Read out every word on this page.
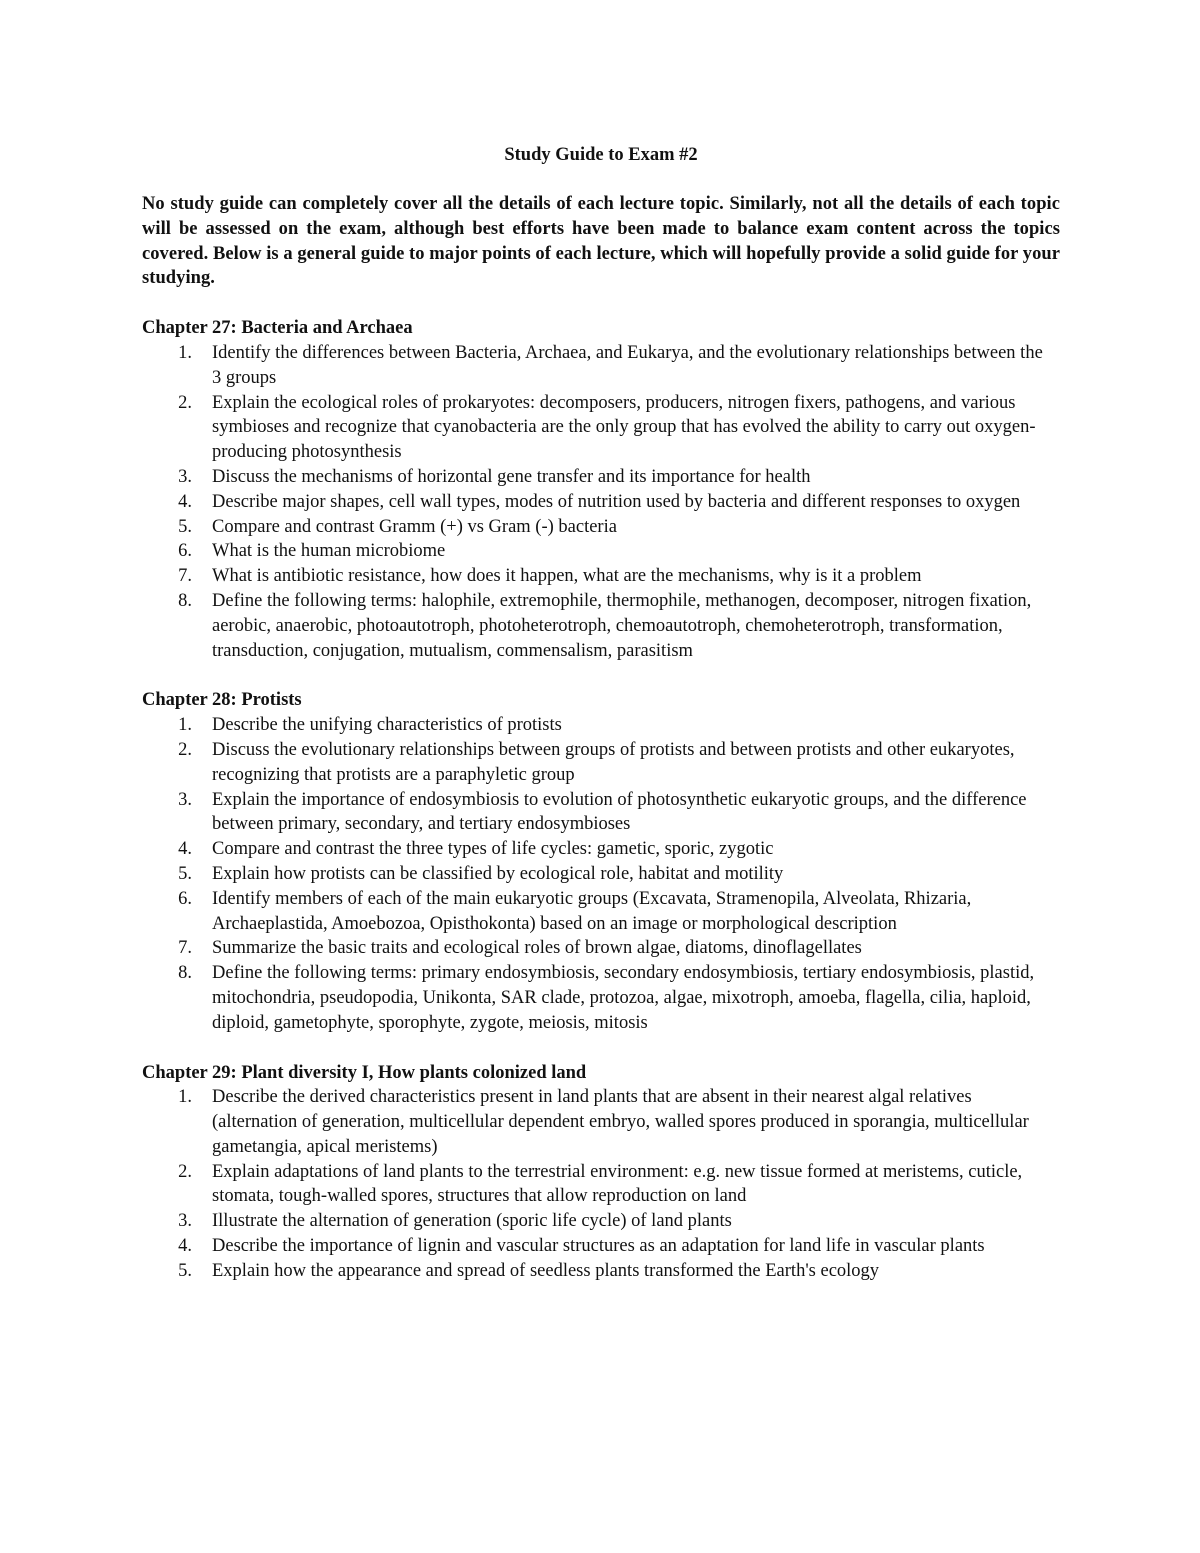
Study Guide to Exam #2

No study guide can completely cover all the details of each lecture topic. Similarly, not all the details of each topic will be assessed on the exam, although best efforts have been made to balance exam content across the topics covered. Below is a general guide to major points of each lecture, which will hopefully provide a solid guide for your studying.

Chapter 27: Bacteria and Archaea
1.	Identify the differences between Bacteria, Archaea, and Eukarya, and the evolutionary relationships between the 3 groups
2.	Explain the ecological roles of prokaryotes: decomposers, producers, nitrogen fixers, pathogens, and various symbioses and recognize that cyanobacteria are the only group that has evolved the ability to carry out oxygen-producing photosynthesis
3.	Discuss the mechanisms of horizontal gene transfer and its importance for health
4.	Describe major shapes, cell wall types, modes of nutrition used by bacteria and different responses to oxygen
5.	Compare and contrast Gramm (+) vs Gram (-) bacteria
6.	What is the human microbiome
7.	What is antibiotic resistance, how does it happen, what are the mechanisms, why is it a problem
8.	Define the following terms: halophile, extremophile, thermophile, methanogen, decomposer, nitrogen fixation, aerobic, anaerobic, photoautotroph, photoheterotroph, chemoautotroph, chemoheterotroph, transformation, transduction, conjugation, mutualism, commensalism, parasitism
Chapter 28: Protists
1.	Describe the unifying characteristics of protists
2.	Discuss the evolutionary relationships between groups of protists and between protists and other eukaryotes, recognizing that protists are a paraphyletic group
3.	Explain the importance of endosymbiosis to evolution of photosynthetic eukaryotic groups, and the difference between primary, secondary, and tertiary endosymbioses
4.	Compare and contrast the three types of life cycles: gametic, sporic, zygotic
5.	Explain how protists can be classified by ecological role, habitat and motility
6.	Identify members of each of the main eukaryotic groups (Excavata, Stramenopila, Alveolata, Rhizaria, Archaeplastida, Amoebozoa, Opisthokonta) based on an image or morphological description
7.	Summarize the basic traits and ecological roles of brown algae, diatoms, dinoflagellates
8.	Define the following terms: primary endosymbiosis, secondary endosymbiosis, tertiary endosymbiosis, plastid, mitochondria, pseudopodia, Unikonta, SAR clade, protozoa, algae, mixotroph, amoeba, flagella, cilia, haploid, diploid, gametophyte, sporophyte, zygote, meiosis, mitosis
Chapter 29: Plant diversity I, How plants colonized land
1.	Describe the derived characteristics present in land plants that are absent in their nearest algal relatives (alternation of generation, multicellular dependent embryo, walled spores produced in sporangia, multicellular gametangia, apical meristems)
2.	Explain adaptations of land plants to the terrestrial environment: e.g. new tissue formed at meristems, cuticle, stomata, tough-walled spores, structures that allow reproduction on land
3.	Illustrate the alternation of generation (sporic life cycle) of land plants
4.	Describe the importance of lignin and vascular structures as an adaptation for land life in vascular plants
5.	Explain how the appearance and spread of seedless plants transformed the Earth's ecology
